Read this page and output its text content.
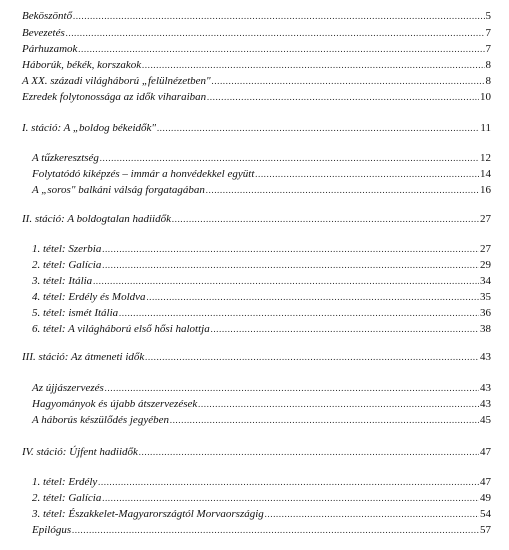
Beköszöntő .....	5
Bevezetés .....	7
Párhuzamok .....	7
Háborúk, békék, korszakok .....	8
A XX. századi világháború „felülnézetben" .....	8
Ezredek folytonossága az idők viharaiban .....	10
I. stáció: A „boldog békeidők" .....	11
A tűzkeresztség .....	12
Folytatódó kiképzés – immár a honvédekkel együtt .....	14
A „soros" balkáni válság forgatagában .....	16
II. stáció: A boldogtalan hadiidők .....	27
1. tétel: Szerbia .....	27
2. tétel: Galícia .....	29
3. tétel: Itália .....	34
4. tétel: Erdély és Moldva .....	35
5. tétel: ismét Itália .....	36
6. tétel: A világháború első hősi halottja .....	38
III. stáció: Az átmeneti idők .....	43
Az újjászervezés .....	43
Hagyományok és újabb átszervezések .....	43
A háborús készülődés jegyében .....	45
IV. stáció: Újfent hadiidők .....	47
1. tétel: Erdély .....	47
2. tétel: Galícia .....	49
3. tétel: Északkelet-Magyarországtól Morvaországig .....	54
Epilógus .....	57
